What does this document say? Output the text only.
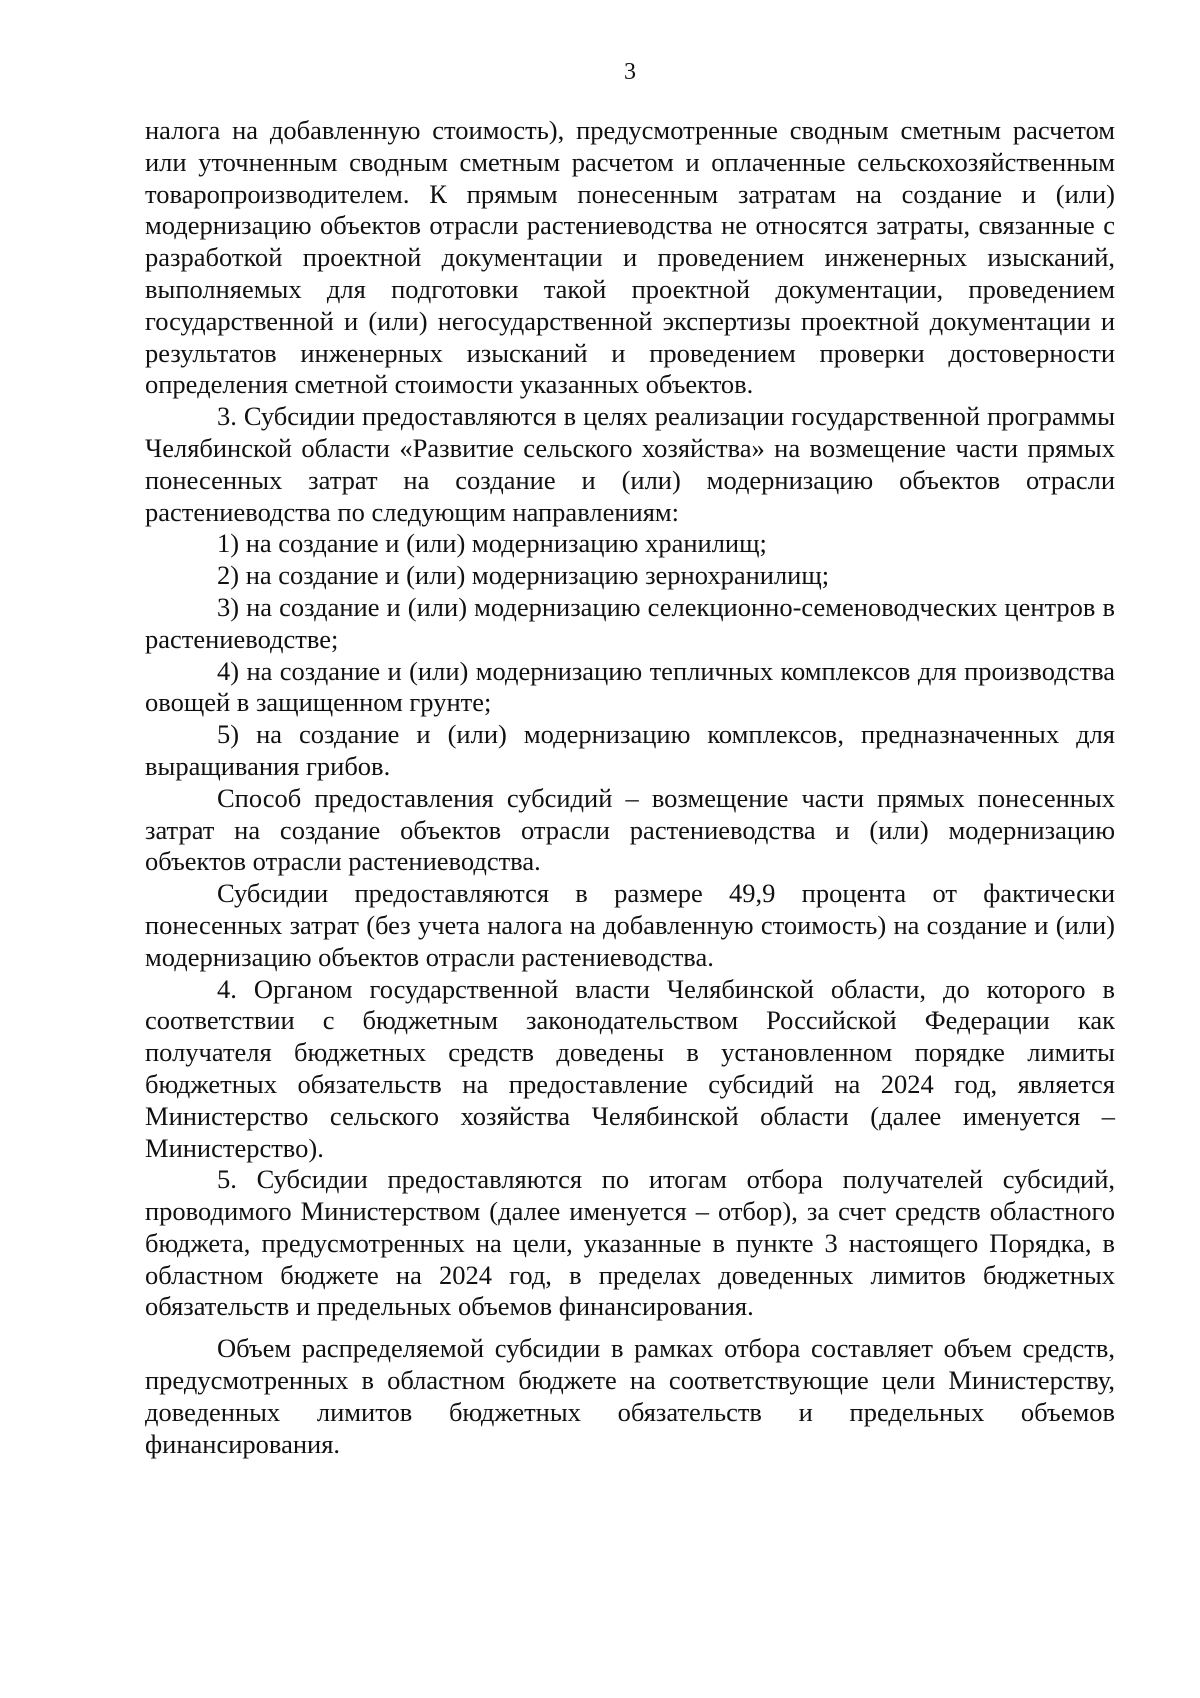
3

налога на добавленную стоимость), предусмотренные сводным сметным расчетом или уточненным сводным сметным расчетом и оплаченные сельскохозяйственным товаропроизводителем. К прямым понесенным затратам на создание и (или) модернизацию объектов отрасли растениеводства не относятся затраты, связанные с разработкой проектной документации и проведением инженерных изысканий, выполняемых для подготовки такой проектной документации, проведением государственной и (или) негосударственной экспертизы проектной документации и результатов инженерных изысканий и проведением проверки достоверности определения сметной стоимости указанных объектов.

3. Субсидии предоставляются в целях реализации государственной программы Челябинской области «Развитие сельского хозяйства» на возмещение части прямых понесенных затрат на создание и (или) модернизацию объектов отрасли растениеводства по следующим направлениям:

1) на создание и (или) модернизацию хранилищ;

2) на создание и (или) модернизацию зернохранилищ;

3) на создание и (или) модернизацию селекционно-семеноводческих центров в растениеводстве;

4) на создание и (или) модернизацию тепличных комплексов для производства овощей в защищенном грунте;

5) на создание и (или) модернизацию комплексов, предназначенных для выращивания грибов.

Способ предоставления субсидий – возмещение части прямых понесенных затрат на создание объектов отрасли растениеводства и (или) модернизацию объектов отрасли растениеводства.

Субсидии предоставляются в размере 49,9 процента от фактически понесенных затрат (без учета налога на добавленную стоимость) на создание и (или) модернизацию объектов отрасли растениеводства.

4. Органом государственной власти Челябинской области, до которого в соответствии с бюджетным законодательством Российской Федерации как получателя бюджетных средств доведены в установленном порядке лимиты бюджетных обязательств на предоставление субсидий на 2024 год, является Министерство сельского хозяйства Челябинской области (далее именуется – Министерство).

5. Субсидии предоставляются по итогам отбора получателей субсидий, проводимого Министерством (далее именуется – отбор), за счет средств областного бюджета, предусмотренных на цели, указанные в пункте 3 настоящего Порядка, в областном бюджете на 2024 год, в пределах доведенных лимитов бюджетных обязательств и предельных объемов финансирования.

Объем распределяемой субсидии в рамках отбора составляет объем средств, предусмотренных в областном бюджете на соответствующие цели Министерству, доведенных лимитов бюджетных обязательств и предельных объемов финансирования.
